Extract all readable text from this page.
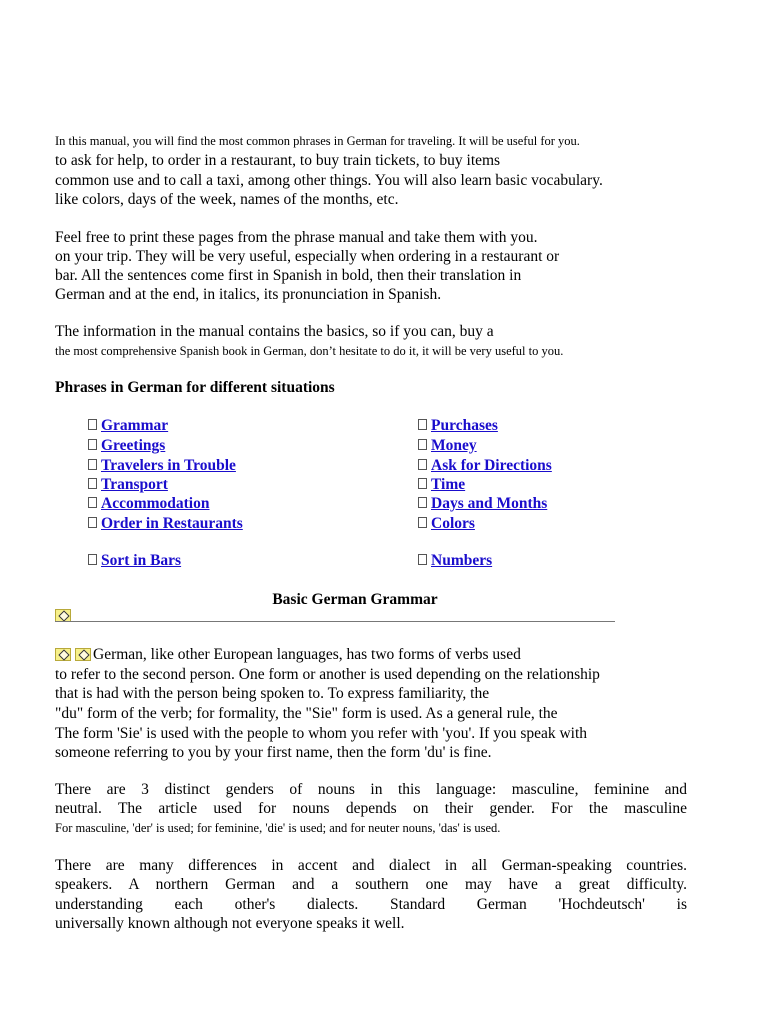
In this manual, you will find the most common phrases in German for traveling. It will be useful for you.
to ask for help, to order in a restaurant, to buy train tickets, to buy items
common use and to call a taxi, among other things. You will also learn basic vocabulary.
like colors, days of the week, names of the months, etc.
Feel free to print these pages from the phrase manual and take them with you.
on your trip. They will be very useful, especially when ordering in a restaurant or
bar. All the sentences come first in Spanish in bold, then their translation in
German and at the end, in italics, its pronunciation in Spanish.
The information in the manual contains the basics, so if you can, buy a
the most comprehensive Spanish book in German, don’t hesitate to do it, it will be very useful to you.
Phrases in German for different situations
Grammar
Greetings
Travelers in Trouble
Transport
Accommodation
Order in Restaurants
Sort in Bars
Purchases
Money
Ask for Directions
Time
Days and Months
Colors
Numbers
Basic German Grammar
German, like other European languages, has two forms of verbs used
to refer to the second person. One form or another is used depending on the relationship
that is had with the person being spoken to. To express familiarity, the
"du" form of the verb; for formality, the "Sie" form is used. As a general rule, the
The form 'Sie' is used with the people to whom you refer with 'you'. If you speak with
someone referring to you by your first name, then the form 'du' is fine.
There are 3 distinct genders of nouns in this language: masculine, feminine and
neutral. The article used for nouns depends on their gender. For the masculine
For masculine, 'der' is used; for feminine, 'die' is used; and for neuter nouns, 'das' is used.
There are many differences in accent and dialect in all German-speaking countries.
speakers. A northern German and a southern one may have a great difficulty.
understanding each other's dialects. Standard German 'Hochdeutsch' is
universally known although not everyone speaks it well.
